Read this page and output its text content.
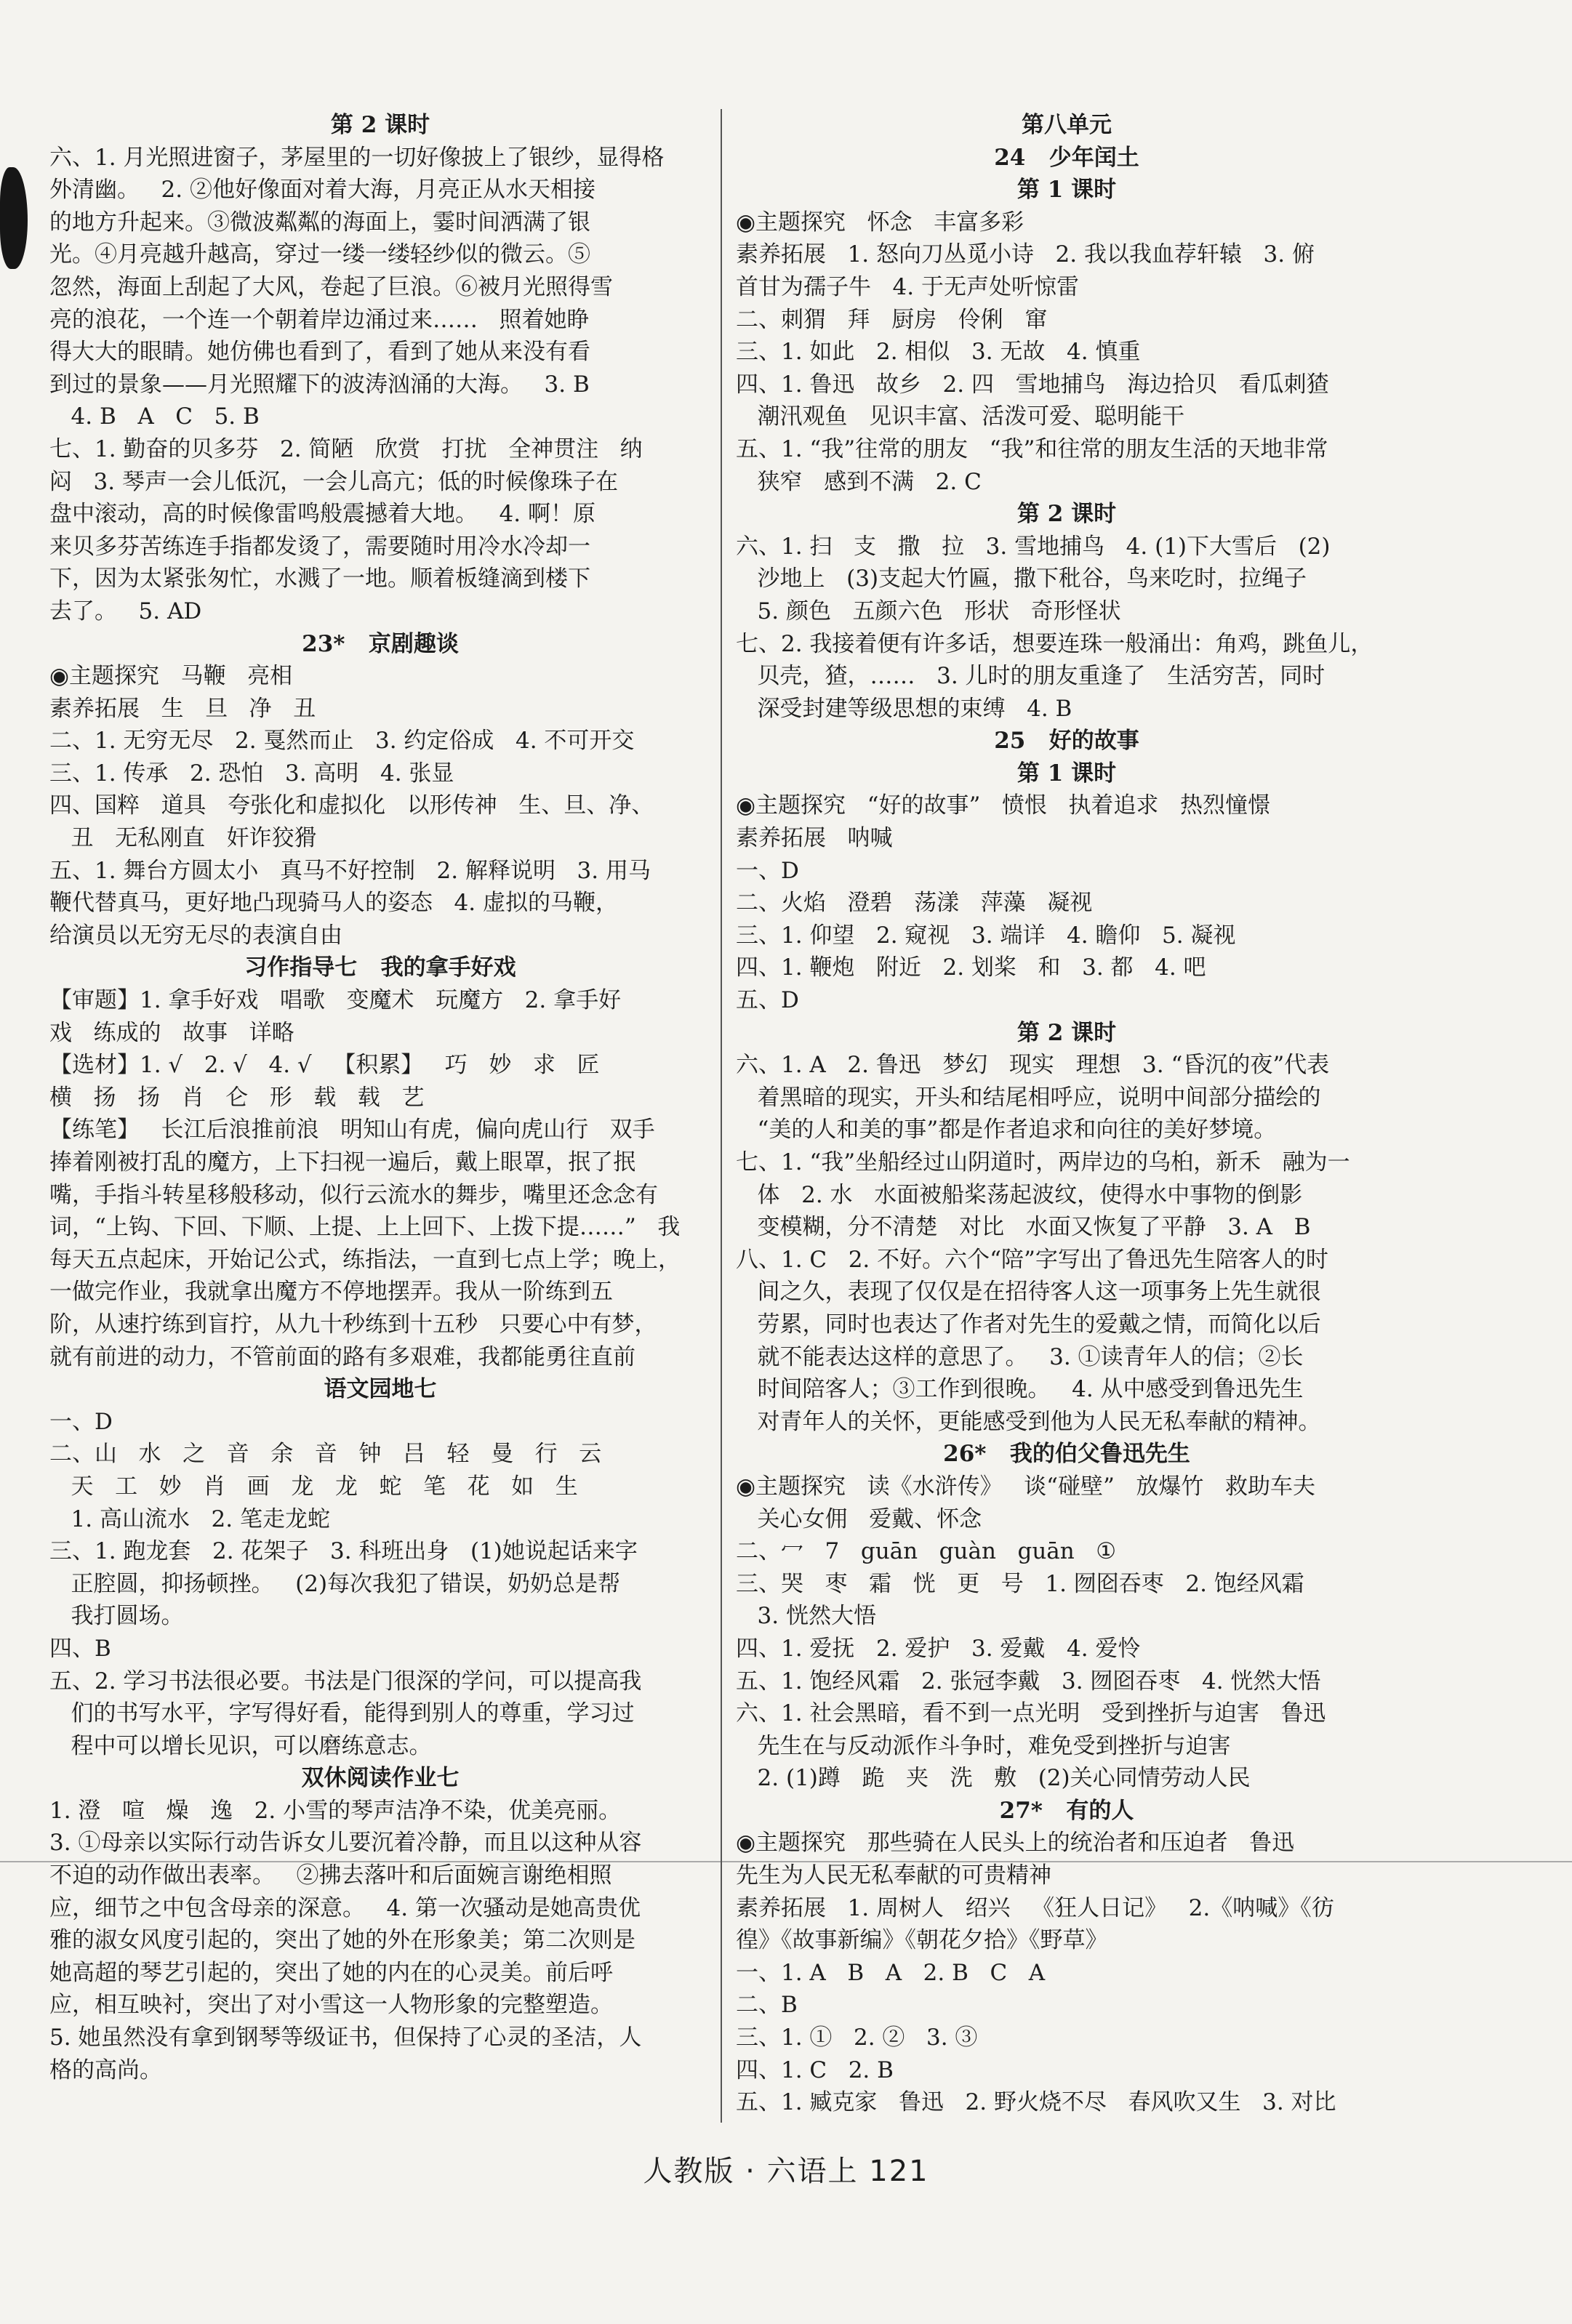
第 2 课时
六、1. 月光照进窗子，茅屋里的一切好像披上了银纱，显得格
外清幽。   2. ②他好像面对着大海，月亮正从水天相接
的地方升起来。③微波粼粼的海面上，霎时间洒满了银
光。④月亮越升越高，穿过一缕一缕轻纱似的微云。⑤
忽然，海面上刮起了大风，卷起了巨浪。⑥被月光照得雪
亮的浪花，一个连一个朝着岸边涌过来……   照着她睁
得大大的眼睛。她仿佛也看到了，看到了她从来没有看
到过的景象——月光照耀下的波涛汹涌的大海。   3. B
4. B   A   C   5. B
七、1. 勤奋的贝多芬   2. 简陋   欣赏   打扰   全神贯注   纳
闷   3. 琴声一会儿低沉，一会儿高亢；低的时候像珠子在
盘中滚动，高的时候像雷鸣般震撼着大地。   4. 啊！原
来贝多芬苦练连手指都发烫了，需要随时用冷水冷却一
下，因为太紧张匆忙，水溅了一地。顺着板缝滴到楼下
去了。   5. AD
23*   京剧趣谈
◉主题探究   马鞭   亮相
素养拓展   生   旦   净   丑
二、1. 无穷无尽   2. 戛然而止   3. 约定俗成   4. 不可开交
三、1. 传承   2. 恐怕   3. 高明   4. 张显
四、国粹   道具   夸张化和虚拟化   以形传神   生、旦、净、
丑   无私刚直   奸诈狡猾
五、1. 舞台方圆太小   真马不好控制   2. 解释说明   3. 用马
鞭代替真马，更好地凸现骑马人的姿态   4. 虚拟的马鞭，
给演员以无穷无尽的表演自由
习作指导七   我的拿手好戏
【审题】1. 拿手好戏   唱歌   变魔术   玩魔方   2. 拿手好
戏   练成的   故事   详略
【选材】1. √   2. √   4. √   【积累】   巧   妙   求   匠
横   扬   扬   肖   仑   形   载   载   艺
【练笔】   长江后浪推前浪   明知山有虎，偏向虎山行   双手
捧着刚被打乱的魔方，上下扫视一遍后，戴上眼罩，抿了抿
嘴，手指斗转星移般移动，似行云流水的舞步，嘴里还念念有
词，“上钩、下回、下顺、上提、上上回下、上拨下提……”   我
每天五点起床，开始记公式，练指法，一直到七点上学；晚上，
一做完作业，我就拿出魔方不停地摆弄。我从一阶练到五
阶，从速拧练到盲拧，从九十秒练到十五秒   只要心中有梦，
就有前进的动力，不管前面的路有多艰难，我都能勇往直前
语文园地七
一、D
二、山   水   之   音   余   音   钟   吕   轻   曼   行   云
天   工   妙   肖   画   龙   龙   蛇   笔   花   如   生
1. 高山流水   2. 笔走龙蛇
三、1. 跑龙套   2. 花架子   3. 科班出身   (1)她说起话来字
正腔圆，抑扬顿挫。   (2)每次我犯了错误，奶奶总是帮
我打圆场。
四、B
五、2. 学习书法很必要。书法是门很深的学问，可以提高我
们的书写水平，字写得好看，能得到别人的尊重，学习过
程中可以增长见识，可以磨练意志。
双休阅读作业七
1. 澄   喧   燥   逸   2. 小雪的琴声洁净不染，优美亮丽。
3. ①母亲以实际行动告诉女儿要沉着冷静，而且以这种从容
不迫的动作做出表率。   ②拂去落叶和后面婉言谢绝相照
应，细节之中包含母亲的深意。   4. 第一次骚动是她高贵优
雅的淑女风度引起的，突出了她的外在形象美；第二次则是
她高超的琴艺引起的，突出了她的内在的心灵美。前后呼
应，相互映衬，突出了对小雪这一人物形象的完整塑造。
5. 她虽然没有拿到钢琴等级证书，但保持了心灵的圣洁，人
格的高尚。
第八单元
24   少年闰土
第 1 课时
◉主题探究   怀念   丰富多彩
素养拓展   1. 怒向刀丛觅小诗   2. 我以我血荐轩辕   3. 俯
首甘为孺子牛   4. 于无声处听惊雷
二、刺猬   拜   厨房   伶俐   窜
三、1. 如此   2. 相似   3. 无故   4. 慎重
四、1. 鲁迅   故乡   2. 四   雪地捕鸟   海边拾贝   看瓜刺猹
潮汛观鱼   见识丰富、活泼可爱、聪明能干
五、1. “我”往常的朋友   “我”和往常的朋友生活的天地非常
狭窄   感到不满   2. C
第 2 课时
六、1. 扫   支   撒   拉   3. 雪地捕鸟   4. (1)下大雪后   (2)
沙地上   (3)支起大竹匾，撒下秕谷，鸟来吃时，拉绳子
5. 颜色   五颜六色   形状   奇形怪状
七、2. 我接着便有许多话，想要连珠一般涌出：角鸡，跳鱼儿，
贝壳，猹，……   3. 儿时的朋友重逢了   生活穷苦，同时
深受封建等级思想的束缚   4. B
25   好的故事
第 1 课时
◉主题探究   “好的故事”   愤恨   执着追求   热烈憧憬
素养拓展   呐喊
一、D
二、火焰   澄碧   荡漾   萍藻   凝视
三、1. 仰望   2. 窥视   3. 端详   4. 瞻仰   5. 凝视
四、1. 鞭炮   附近   2. 划桨   和   3. 都   4. 吧
五、D
第 2 课时
六、1. A   2. 鲁迅   梦幻   现实   理想   3. “昏沉的夜”代表
着黑暗的现实，开头和结尾相呼应，说明中间部分描绘的
“美的人和美的事”都是作者追求和向往的美好梦境。
七、1. “我”坐船经过山阴道时，两岸边的乌桕，新禾   融为一
体   2. 水   水面被船桨荡起波纹，使得水中事物的倒影
变模糊，分不清楚   对比   水面又恢复了平静   3. A   B
八、1. C   2. 不好。六个“陪”字写出了鲁迅先生陪客人的时
间之久，表现了仅仅是在招待客人这一项事务上先生就很
劳累，同时也表达了作者对先生的爱戴之情，而简化以后
就不能表达这样的意思了。   3. ①读青年人的信；②长
时间陪客人；③工作到很晚。   4. 从中感受到鲁迅先生
对青年人的关怀，更能感受到他为人民无私奉献的精神。
26*   我的伯父鲁迅先生
◉主题探究   读《水浒传》   谈“碰壁”   放爆竹   救助车夫
关心女佣   爱戴、怀念
二、冖   7   guān   guàn   guān   ①
三、哭   枣   霜   恍   更   号   1. 囫囵吞枣   2. 饱经风霜
3. 恍然大悟
四、1. 爱抚   2. 爱护   3. 爱戴   4. 爱怜
五、1. 饱经风霜   2. 张冠李戴   3. 囫囵吞枣   4. 恍然大悟
六、1. 社会黑暗，看不到一点光明   受到挫折与迫害   鲁迅
先生在与反动派作斗争时，难免受到挫折与迫害
2. (1)蹲   跪   夹   洗   敷   (2)关心同情劳动人民
27*   有的人
◉主题探究   那些骑在人民头上的统治者和压迫者   鲁迅
先生为人民无私奉献的可贵精神
素养拓展   1. 周树人   绍兴   《狂人日记》   2.《呐喊》《彷
徨》《故事新编》《朝花夕拾》《野草》
一、1. A   B   A   2. B   C   A
二、B
三、1. ①   2. ②   3. ③
四、1. C   2. B
五、1. 臧克家   鲁迅   2. 野火烧不尽   春风吹又生   3. 对比
人教版 · 六语上 121
